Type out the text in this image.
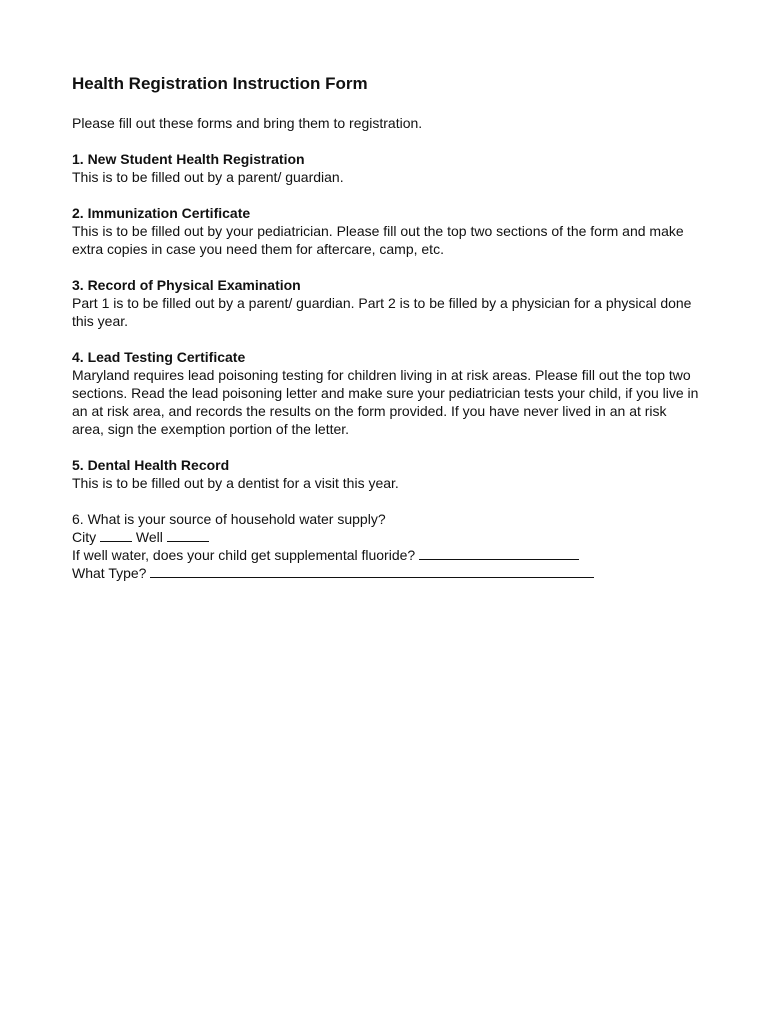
Health Registration Instruction Form
Please fill out these forms and bring them to registration.
1. New Student Health Registration
This is to be filled out by a parent/ guardian.
2. Immunization Certificate
This is to be filled out by your pediatrician. Please fill out the top two sections of the form and make extra copies in case you need them for aftercare, camp, etc.
3. Record of Physical Examination
Part 1 is to be filled out by a parent/ guardian. Part 2 is to be filled by a physician for a physical done this year.
4. Lead Testing Certificate
Maryland requires lead poisoning testing for children living in at risk areas. Please fill out the top two sections. Read the lead poisoning letter and make sure your pediatrician tests your child, if you live in an at risk area, and records the results on the form provided. If you have never lived in an at risk area, sign the exemption portion of the letter.
5. Dental Health Record
This is to be filled out by a dentist for a visit this year.
6. What is your source of household water supply?
City	Well
If well water, does your child get supplemental fluoride?
What Type?
